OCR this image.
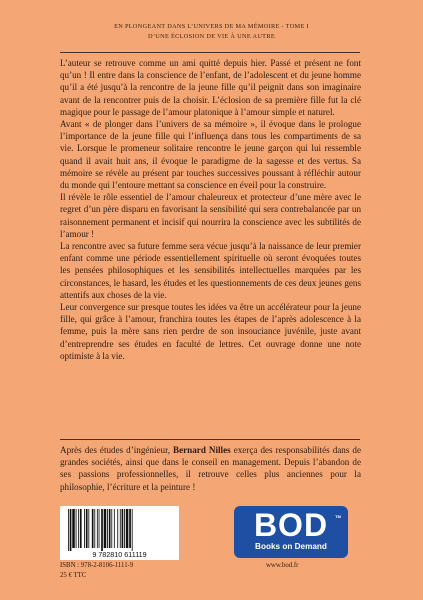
EN PLONGEANT DANS L’UNIVERS DE MA MÉMOIRE - TOME I
D’UNE ÉCLOSION DE VIE À UNE AUTRE

L’auteur se retrouve comme un ami quitté depuis hier. Passé et présent ne font qu’un ! Il entre dans la conscience de l’enfant, de l’adolescent et du jeune homme qu’il a été jusqu’à la rencontre de la jeune fille qu’il peignit dans son imaginaire avant de la rencontrer puis de la choisir. L’éclosion de sa première fille fut la clé magique pour le passage de l’amour platonique à l’amour simple et naturel.

Avant « de plonger dans l’univers de sa mémoire », il évoque dans le prologue l’importance de la jeune fille qui l’influença dans tous les compartiments de sa vie. Lorsque le promeneur solitaire rencontre le jeune garçon qui lui ressemble quand il avait huit ans, il évoque le paradigme de la sagesse et des vertus. Sa mémoire se révèle au présent par touches successives poussant à réfléchir autour du monde qui l’entoure mettant sa conscience en éveil pour la construire.

Il révèle le rôle essentiel de l’amour chaleureux et protecteur d’une mère avec le regret d’un père disparu en favorisant la sensibilité qui sera contrebalancée par un raisonnement permanent et incisif qui nourrira la conscience avec les subtilités de l’amour !

La rencontre avec sa future femme sera vécue jusqu’à la naissance de leur premier enfant comme une période essentiellement spirituelle où seront évoquées toutes les pensées philosophiques et les sensibilités intellectuelles marquées par les circonstances, le hasard, les études et les questionnements de ces deux jeunes gens attentifs aux choses de la vie.

Leur convergence sur presque toutes les idées va être un accélérateur pour la jeune fille, qui grâce à l’amour, franchira toutes les étapes de l’après adolescence à la femme, puis la mère sans rien perdre de son insouciance juvénile, juste avant d’entreprendre ses études en faculté de lettres. Cet ouvrage donne une note optimiste à la vie.

Après des études d’ingénieur, Bernard Nilles exerça des responsabilités dans de grandes sociétés, ainsi que dans le conseil en management. Depuis l’abandon de ses passions professionnelles, il retrouve celles plus anciennes pour la philosophie, l’écriture et la peinture !

9 782810 611119
ISBN : 978-2-8106-1111-9
25 € TTC
BOD
Books on Demand
TM
www.bod.fr
